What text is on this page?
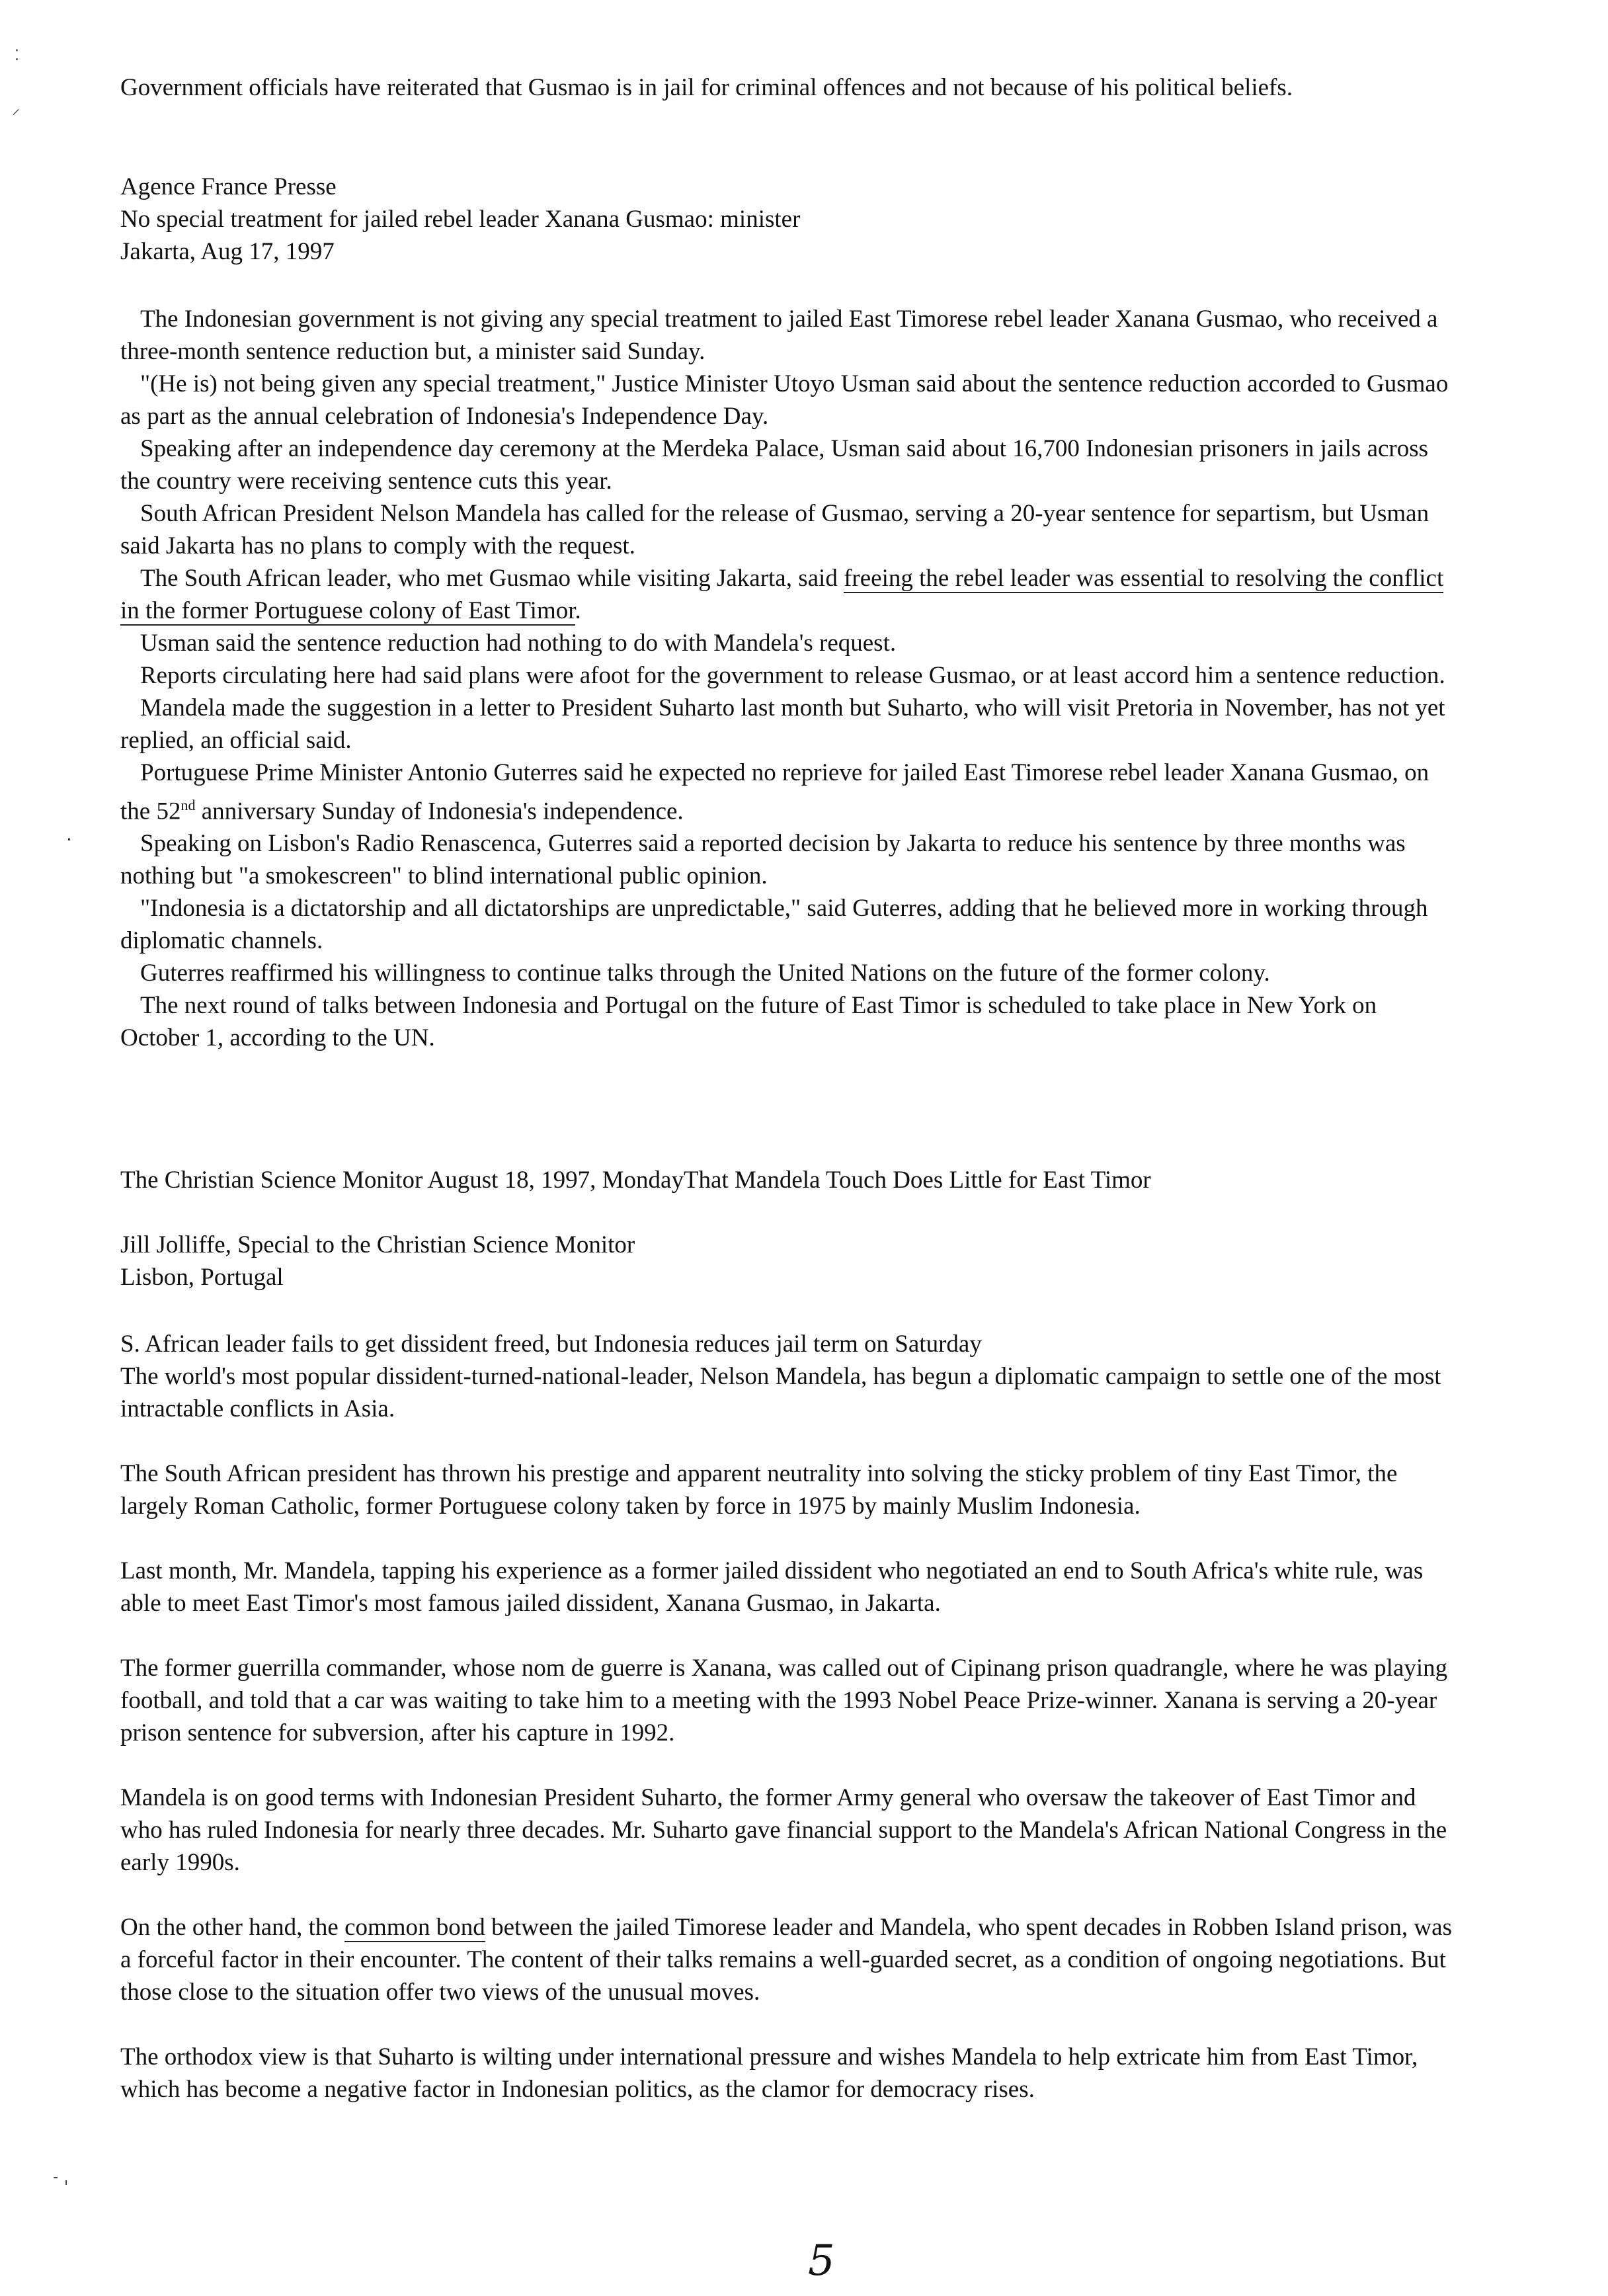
⁚
⸝
·
˗ ˌ

Government officials have reiterated that Gusmao is in jail for criminal offences and not because of his political beliefs.

Agence France Presse
No special treatment for jailed rebel leader Xanana Gusmao: minister
Jakarta, Aug 17, 1997

The Indonesian government is not giving any special treatment to jailed East Timorese rebel leader Xanana Gusmao, who received a three-month sentence reduction but, a minister said Sunday.

"(He is) not being given any special treatment," Justice Minister Utoyo Usman said about the sentence reduction accorded to Gusmao as part as the annual celebration of Indonesia's Independence Day.

Speaking after an independence day ceremony at the Merdeka Palace, Usman said about 16,700 Indonesian prisoners in jails across the country were receiving sentence cuts this year.

South African President Nelson Mandela has called for the release of Gusmao, serving a 20-year sentence for separtism, but Usman said Jakarta has no plans to comply with the request.

The South African leader, who met Gusmao while visiting Jakarta, said freeing the rebel leader was essential to resolving the conflict in the former Portuguese colony of East Timor.

Usman said the sentence reduction had nothing to do with Mandela's request.

Reports circulating here had said plans were afoot for the government to release Gusmao, or at least accord him a sentence reduction.

Mandela made the suggestion in a letter to President Suharto last month but Suharto, who will visit Pretoria in November, has not yet replied, an official said.

Portuguese Prime Minister Antonio Guterres said he expected no reprieve for jailed East Timorese rebel leader Xanana Gusmao, on the 52nd anniversary Sunday of Indonesia's independence.

Speaking on Lisbon's Radio Renascenca, Guterres said a reported decision by Jakarta to reduce his sentence by three months was nothing but "a smokescreen" to blind international public opinion.

"Indonesia is a dictatorship and all dictatorships are unpredictable," said Guterres, adding that he believed more in working through diplomatic channels.

Guterres reaffirmed his willingness to continue talks through the United Nations on the future of the former colony.

The next round of talks between Indonesia and Portugal on the future of East Timor is scheduled to take place in New York on October 1, according to the UN.

The Christian Science Monitor August 18, 1997, MondayThat Mandela Touch Does Little for East Timor

Jill Jolliffe, Special to the Christian Science Monitor
Lisbon, Portugal

S. African leader fails to get dissident freed, but Indonesia reduces jail term on Saturday

The world's most popular dissident-turned-national-leader, Nelson Mandela, has begun a diplomatic campaign to settle one of the most intractable conflicts in Asia.

The South African president has thrown his prestige and apparent neutrality into solving the sticky problem of tiny East Timor, the largely Roman Catholic, former Portuguese colony taken by force in 1975 by mainly Muslim Indonesia.

Last month, Mr. Mandela, tapping his experience as a former jailed dissident who negotiated an end to South Africa's white rule, was able to meet East Timor's most famous jailed dissident, Xanana Gusmao, in Jakarta.

The former guerrilla commander, whose nom de guerre is Xanana, was called out of Cipinang prison quadrangle, where he was playing football, and told that a car was waiting to take him to a meeting with the 1993 Nobel Peace Prize-winner. Xanana is serving a 20-year prison sentence for subversion, after his capture in 1992.

Mandela is on good terms with Indonesian President Suharto, the former Army general who oversaw the takeover of East Timor and who has ruled Indonesia for nearly three decades. Mr. Suharto gave financial support to the Mandela's African National Congress in the early 1990s.

On the other hand, the common bond between the jailed Timorese leader and Mandela, who spent decades in Robben Island prison, was a forceful factor in their encounter. The content of their talks remains a well-guarded secret, as a condition of ongoing negotiations. But those close to the situation offer two views of the unusual moves.

The orthodox view is that Suharto is wilting under international pressure and wishes Mandela to help extricate him from East Timor, which has become a negative factor in Indonesian politics, as the clamor for democracy rises.

5
